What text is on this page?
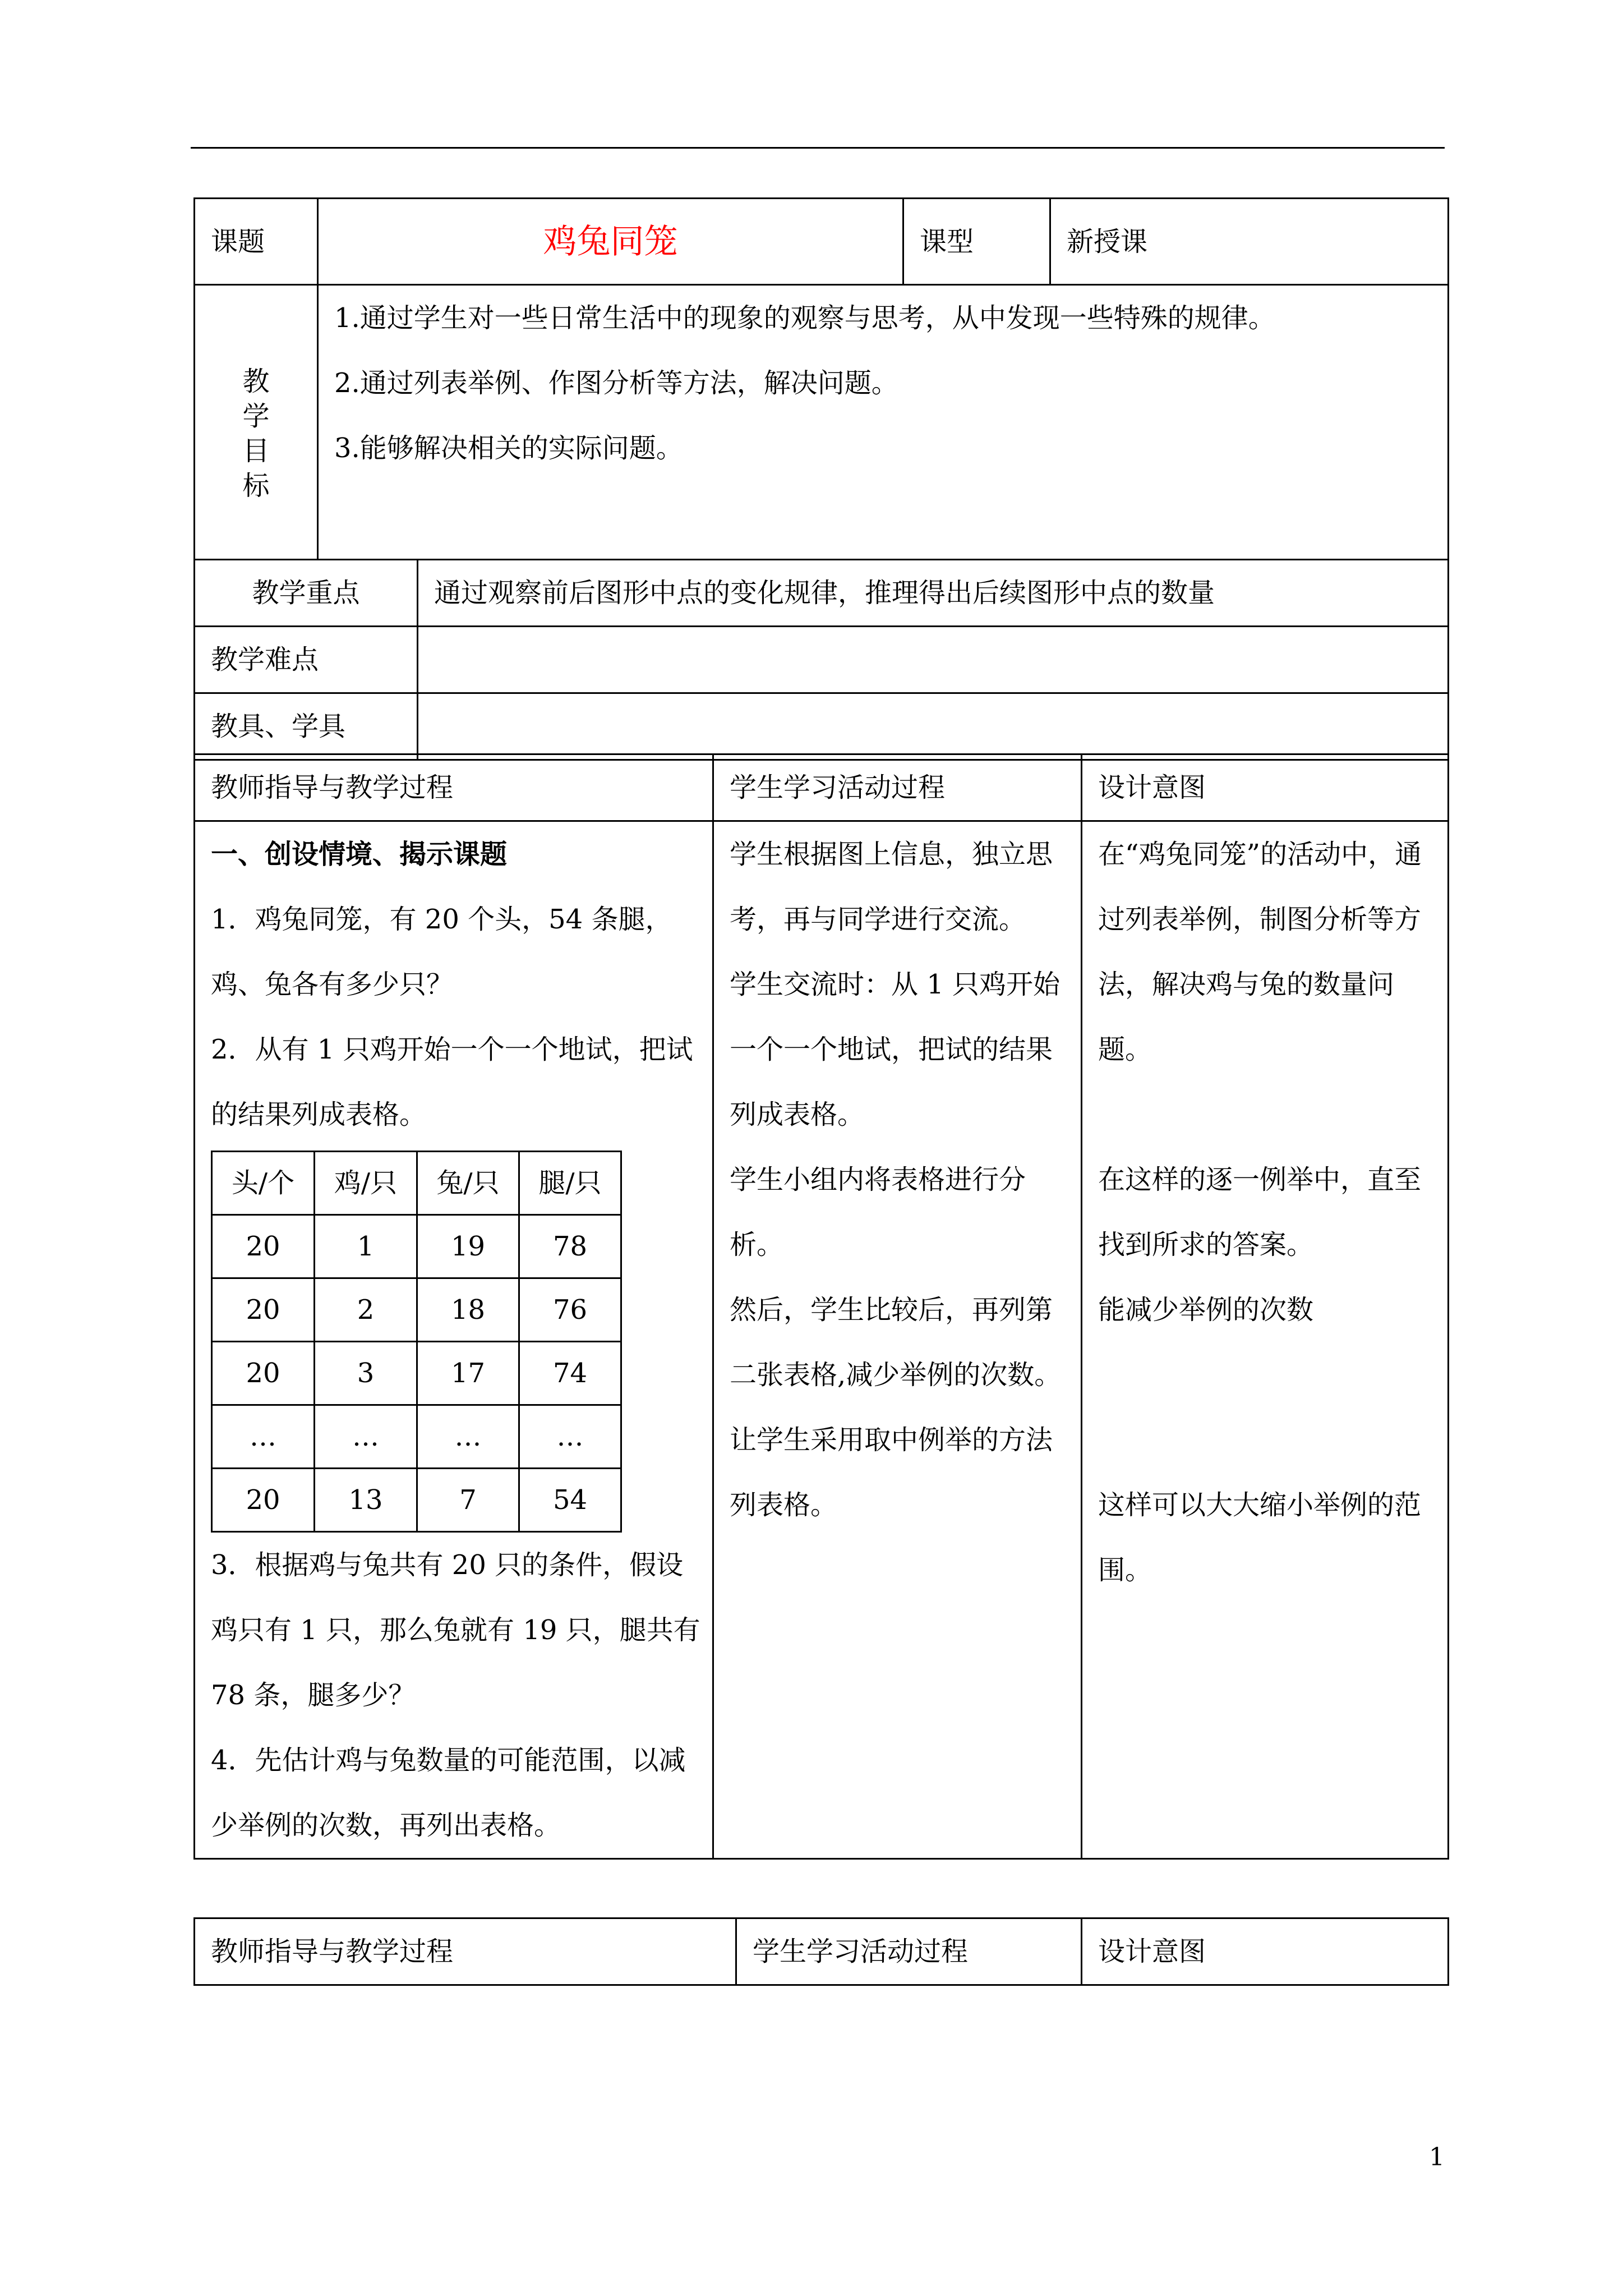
课题	鸡兔同笼		课型	新授课

教学目标	1.通过学生对一些日常生活中的现象的观察与思考，从中发现一些特殊的规律。

2.通过列表举例、作图分析等方法，解决问题。

3.能够解决相关的实际问题。			

教学重点		通过观察前后图形中点的变化规律，推理得出后续图形中点的数量		
教学难点				
教具、学具				
教师指导与教学过程	学生学习活动过程	设计意图

一、创设情境、揭示课题

1．鸡兔同笼，有 20 个头，54 条腿，鸡、兔各有多少只？

2．从有 1 只鸡开始一个一个地试，把试的结果列成表格。

头/个	鸡/只	兔/只	腿/只
20	1	19	78
20	2	18	76
20	3	17	74
…	…	…	…
20	13	7	54

3．根据鸡与兔共有 20 只的条件，假设鸡只有 1 只，那么兔就有 19 只，腿共有 78 条，腿多少？

4．先估计鸡与兔数量的可能范围，以减少举例的次数，再列出表格。

学生根据图上信息，独立思考，再与同学进行交流。

学生交流时：从 1 只鸡开始一个一个地试，把试的结果列成表格。

学生小组内将表格进行分析。

然后，学生比较后，再列第二张表格,减少举例的次数。

让学生采用取中例举的方法列表格。

在“鸡兔同笼”的活动中，通过列表举例，制图分析等方法，解决鸡与兔的数量问题。

在这样的逐一例举中，直至找到所求的答案。

能减少举例的次数

这样可以大大缩小举例的范围。

教师指导与教学过程	学生学习活动过程	设计意图
1
